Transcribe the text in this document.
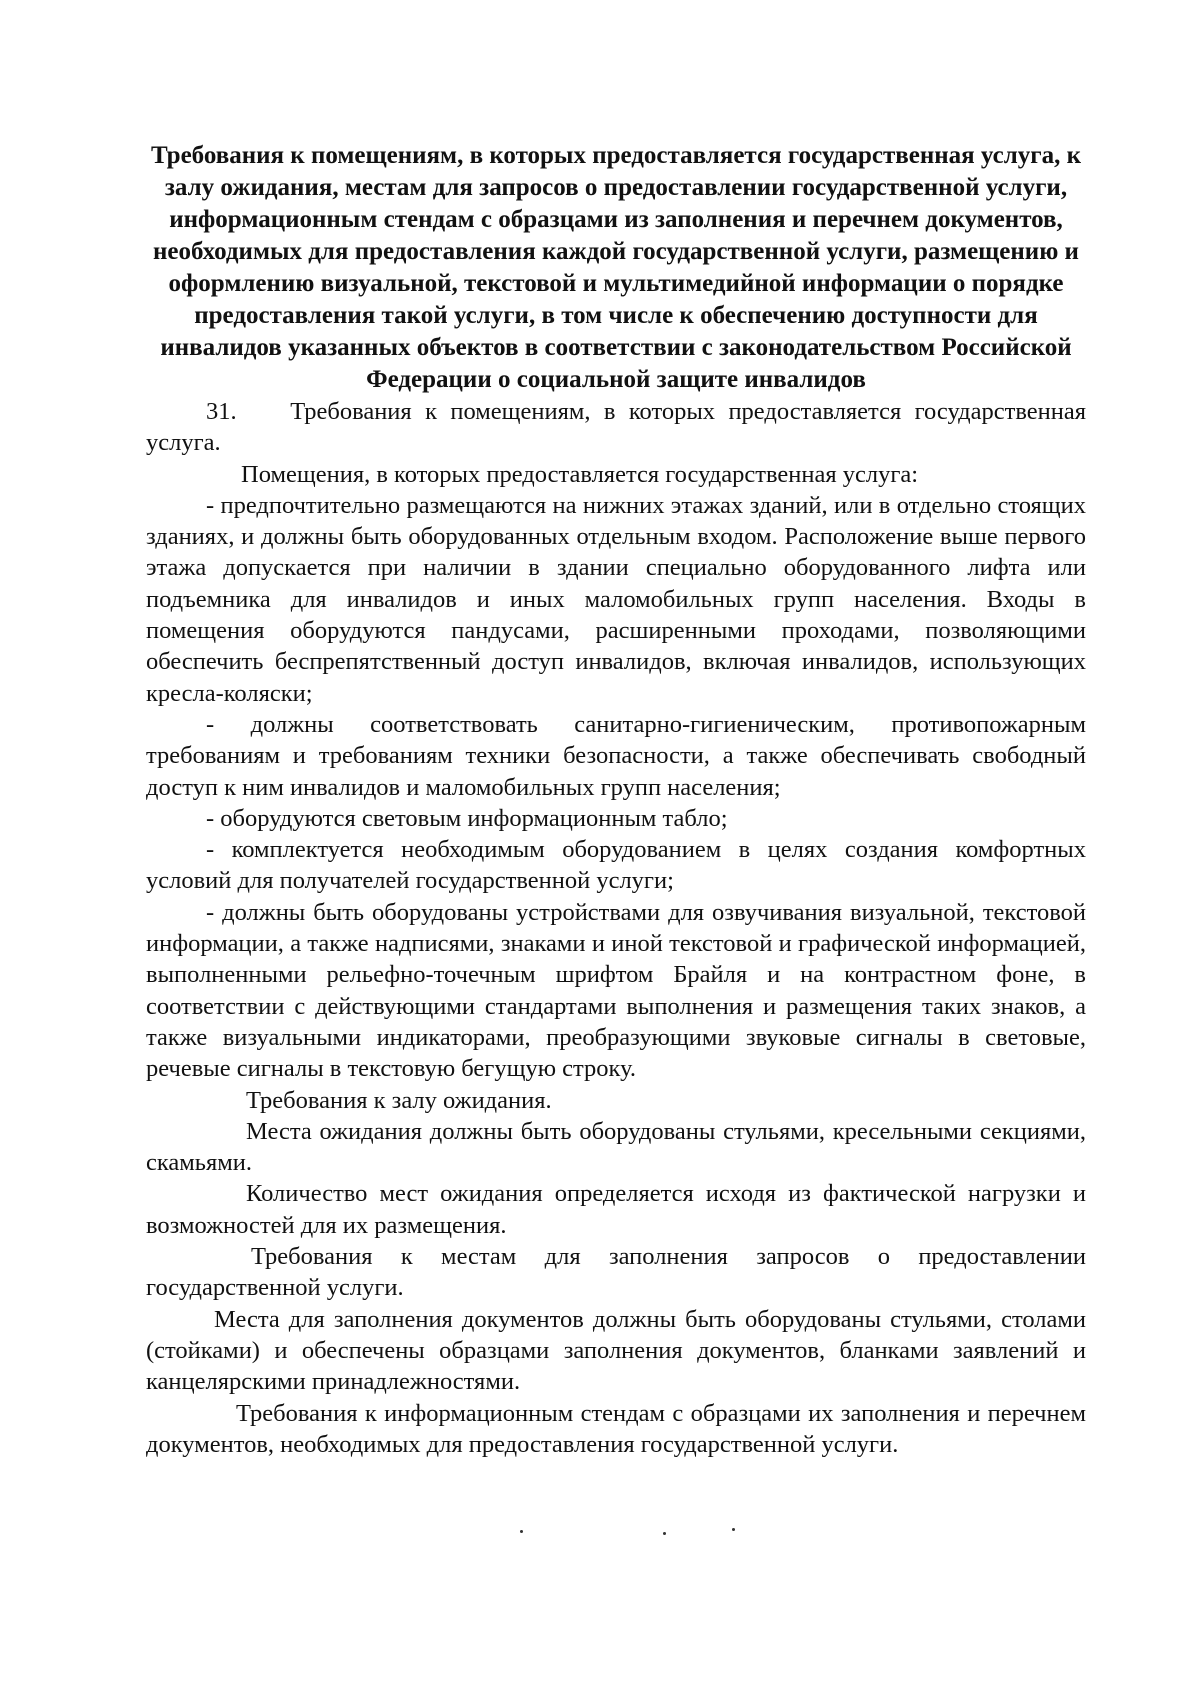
Требования к помещениям, в которых предоставляется государственная услуга, к залу ожидания, местам для запросов о предоставлении государственной услуги, информационным стендам с образцами из заполнения и перечнем документов, необходимых для предоставления каждой государственной услуги, размещению и оформлению визуальной, текстовой и мультимедийной информации о порядке предоставления такой услуги, в том числе к обеспечению доступности для инвалидов указанных объектов в соответствии с законодательством Российской Федерации о социальной защите инвалидов

31.    Требования к помещениям, в которых предоставляется государственная услуга.

Помещения, в которых предоставляется государственная услуга:

- предпочтительно размещаются на нижних этажах зданий, или в отдельно стоящих зданиях, и должны быть оборудованных отдельным входом. Расположение выше первого этажа допускается при наличии в здании специально оборудованного лифта или подъемника для инвалидов и иных маломобильных групп населения. Входы в помещения оборудуются пандусами, расширенными проходами, позволяющими обеспечить беспрепятственный доступ инвалидов, включая инвалидов, использующих кресла-коляски;

- должны соответствовать санитарно-гигиеническим, противопожарным требованиям и требованиям техники безопасности, а также обеспечивать свободный доступ к ним инвалидов и маломобильных групп населения;

- оборудуются световым информационным табло;

- комплектуется необходимым оборудованием в целях создания комфортных условий для получателей государственной услуги;

- должны быть оборудованы устройствами для озвучивания визуальной, текстовой информации, а также надписями, знаками и иной текстовой и графической информацией, выполненными рельефно-точечным шрифтом Брайля и на контрастном фоне, в соответствии с действующими стандартами выполнения и размещения таких знаков, а также визуальными индикаторами, преобразующими звуковые сигналы в световые, речевые сигналы в текстовую бегущую строку.

Требования к залу ожидания.

Места ожидания должны быть оборудованы стульями, кресельными секциями, скамьями.

Количество мест ожидания определяется исходя из фактической нагрузки и возможностей для их размещения.

Требования к местам для заполнения запросов о предоставлении государственной услуги.

Места для заполнения документов должны быть оборудованы стульями, столами (стойками) и обеспечены образцами заполнения документов, бланками заявлений и канцелярскими принадлежностями.

Требования к информационным стендам с образцами их заполнения и перечнем документов, необходимых для предоставления государственной услуги.
